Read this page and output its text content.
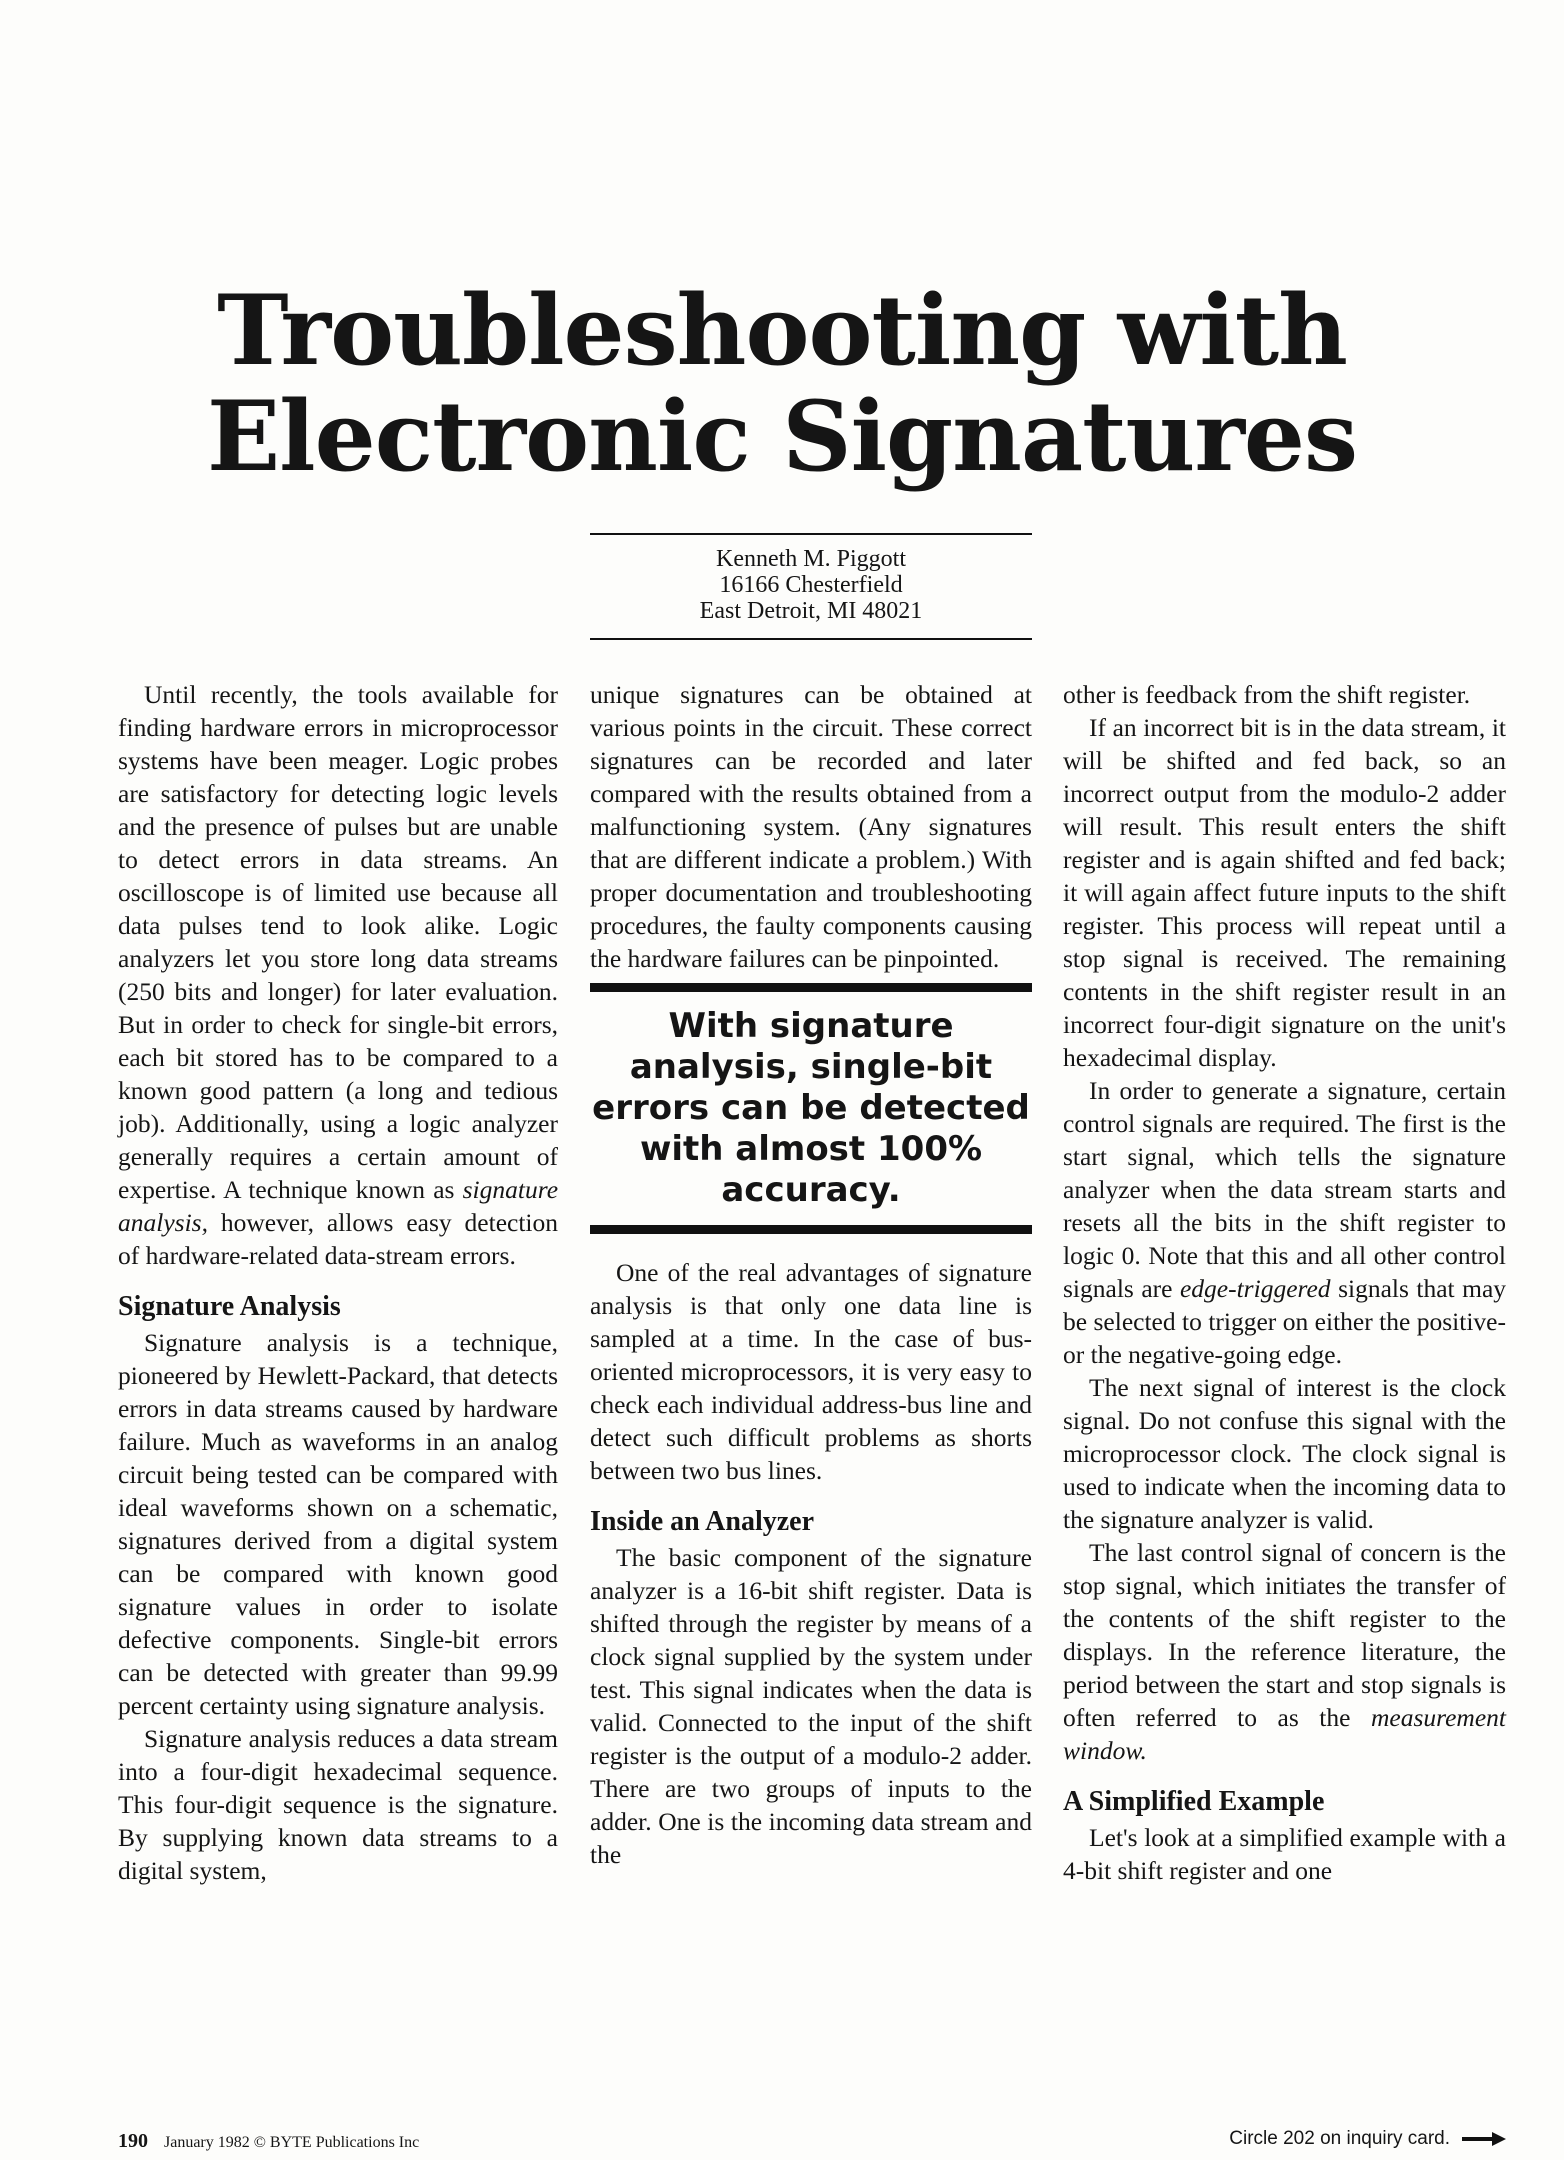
Troubleshooting with
Electronic Signatures
Kenneth M. Piggott
16166 Chesterfield
East Detroit, MI 48021

Until recently, the tools available for finding hardware errors in microprocessor systems have been meager. Logic probes are satisfactory for detecting logic levels and the presence of pulses but are unable to detect errors in data streams. An oscilloscope is of limited use because all data pulses tend to look alike. Logic analyzers let you store long data streams (250 bits and longer) for later evaluation. But in order to check for single-bit errors, each bit stored has to be compared to a known good pattern (a long and tedious job). Additionally, using a logic analyzer generally requires a certain amount of expertise. A technique known as signature analysis, however, allows easy detection of hardware-related data-stream errors.

Signature Analysis

Signature analysis is a technique, pioneered by Hewlett-Packard, that detects errors in data streams caused by hardware failure. Much as waveforms in an analog circuit being tested can be compared with ideal waveforms shown on a schematic, signatures derived from a digital system can be compared with known good signature values in order to isolate defective components. Single-bit errors can be detected with greater than 99.99 percent certainty using signature analysis.

Signature analysis reduces a data stream into a four-digit hexadecimal sequence. This four-digit sequence is the signature. By supplying known data streams to a digital system,

unique signatures can be obtained at various points in the circuit. These correct signatures can be recorded and later compared with the results obtained from a malfunctioning system. (Any signatures that are different indicate a problem.) With proper documentation and troubleshooting procedures, the faulty components causing the hardware failures can be pinpointed.

With signature analysis, single-bit errors can be detected with almost 100% accuracy.

One of the real advantages of signature analysis is that only one data line is sampled at a time. In the case of bus-oriented microprocessors, it is very easy to check each individual address-bus line and detect such difficult problems as shorts between two bus lines.

Inside an Analyzer

The basic component of the signature analyzer is a 16-bit shift register. Data is shifted through the register by means of a clock signal supplied by the system under test. This signal indicates when the data is valid. Connected to the input of the shift register is the output of a modulo-2 adder. There are two groups of inputs to the adder. One is the incoming data stream and the

other is feedback from the shift register.

If an incorrect bit is in the data stream, it will be shifted and fed back, so an incorrect output from the modulo-2 adder will result. This result enters the shift register and is again shifted and fed back; it will again affect future inputs to the shift register. This process will repeat until a stop signal is received. The remaining contents in the shift register result in an incorrect four-digit signature on the unit's hexadecimal display.

In order to generate a signature, certain control signals are required. The first is the start signal, which tells the signature analyzer when the data stream starts and resets all the bits in the shift register to logic 0. Note that this and all other control signals are edge-triggered signals that may be selected to trigger on either the positive- or the negative-going edge.

The next signal of interest is the clock signal. Do not confuse this signal with the microprocessor clock. The clock signal is used to indicate when the incoming data to the signature analyzer is valid.

The last control signal of concern is the stop signal, which initiates the transfer of the contents of the shift register to the displays. In the reference literature, the period between the start and stop signals is often referred to as the measurement window.

A Simplified Example

Let's look at a simplified example with a 4-bit shift register and one

190 January 1982 © BYTE Publications Inc	Circle 202 on inquiry card.
